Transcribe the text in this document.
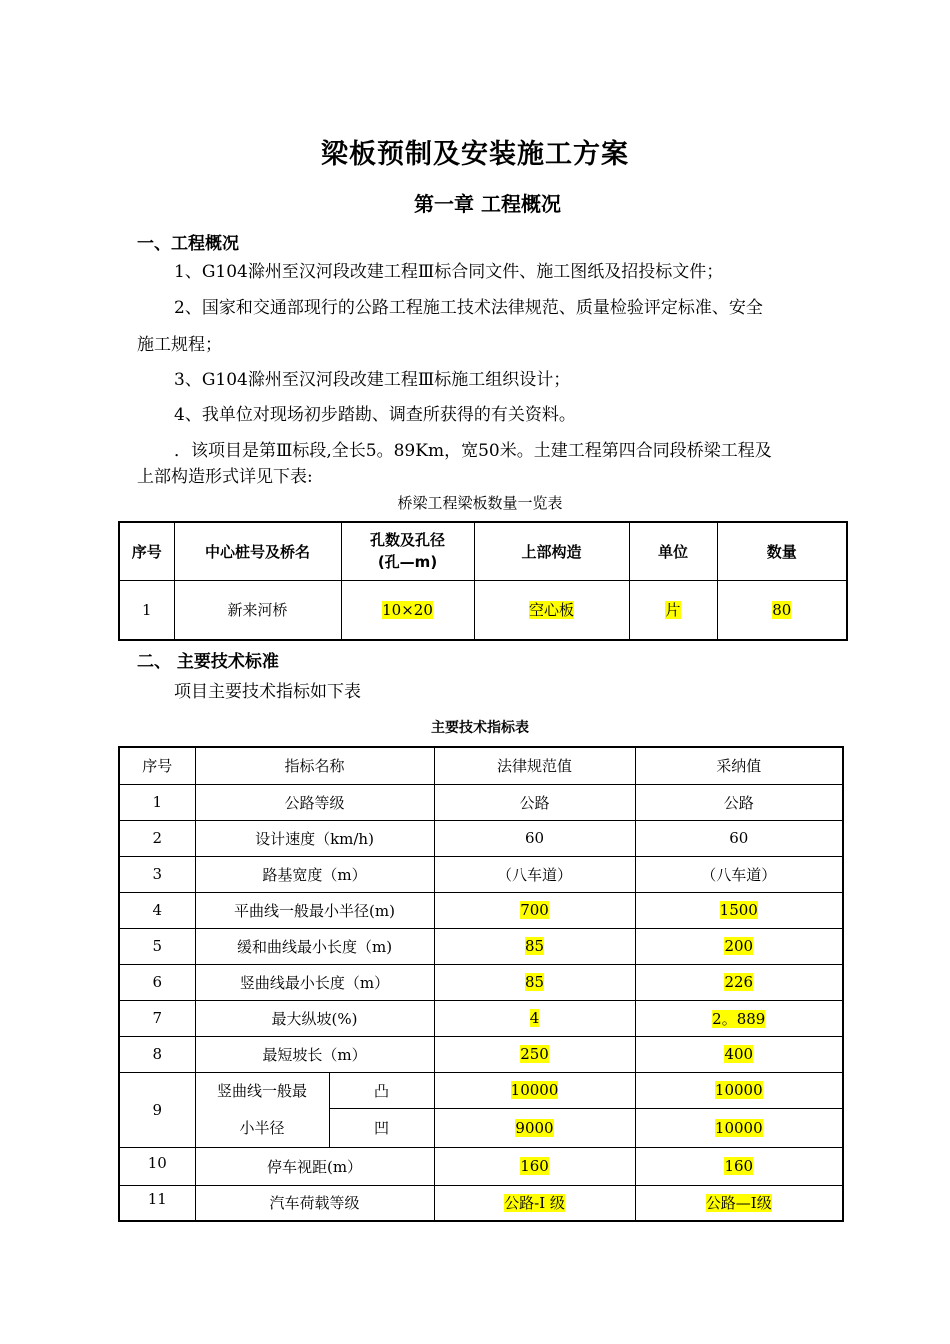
梁板预制及安装施工方案
第一章 工程概况
一、工程概况
1、G104滁州至汉河段改建工程Ⅲ标合同文件、施工图纸及招投标文件；
2、国家和交通部现行的公路工程施工技术法律规范、质量检验评定标准、安全
施工规程；
3、G104滁州至汉河段改建工程Ⅲ标施工组织设计；
4、我单位对现场初步踏勘、调查所获得的有关资料。
．该项目是第Ⅲ标段,全长5。89Km，宽50米。土建工程第四合同段桥梁工程及
上部构造形式详见下表:
桥梁工程梁板数量一览表
序号	中心桩号及桥名	孔数及孔径
(孔—m)	上部构造	单位	数量
1	新来河桥	10×20	空心板	片	80
二、 主要技术标准
项目主要技术指标如下表
主要技术指标表
序号	指标名称		法律规范值	采纳值
1	公路等级		公路	公路
2	设计速度（km/h)		60	60
3	路基宽度（m）		（八车道）	（八车道）
4	平曲线一般最小半径(m)		700	1500
5	缓和曲线最小长度（m)		85	200
6	竖曲线最小长度（m）		85	226
7	最大纵坡(%)		4	2。889
8	最短坡长（m）		250	400
9	竖曲线一般最
小半径	凸	10000	10000
		凹	9000	10000
10	停车视距(m）		160	160
11	汽车荷载等级		公路-Ⅰ 级	公路—Ⅰ级
